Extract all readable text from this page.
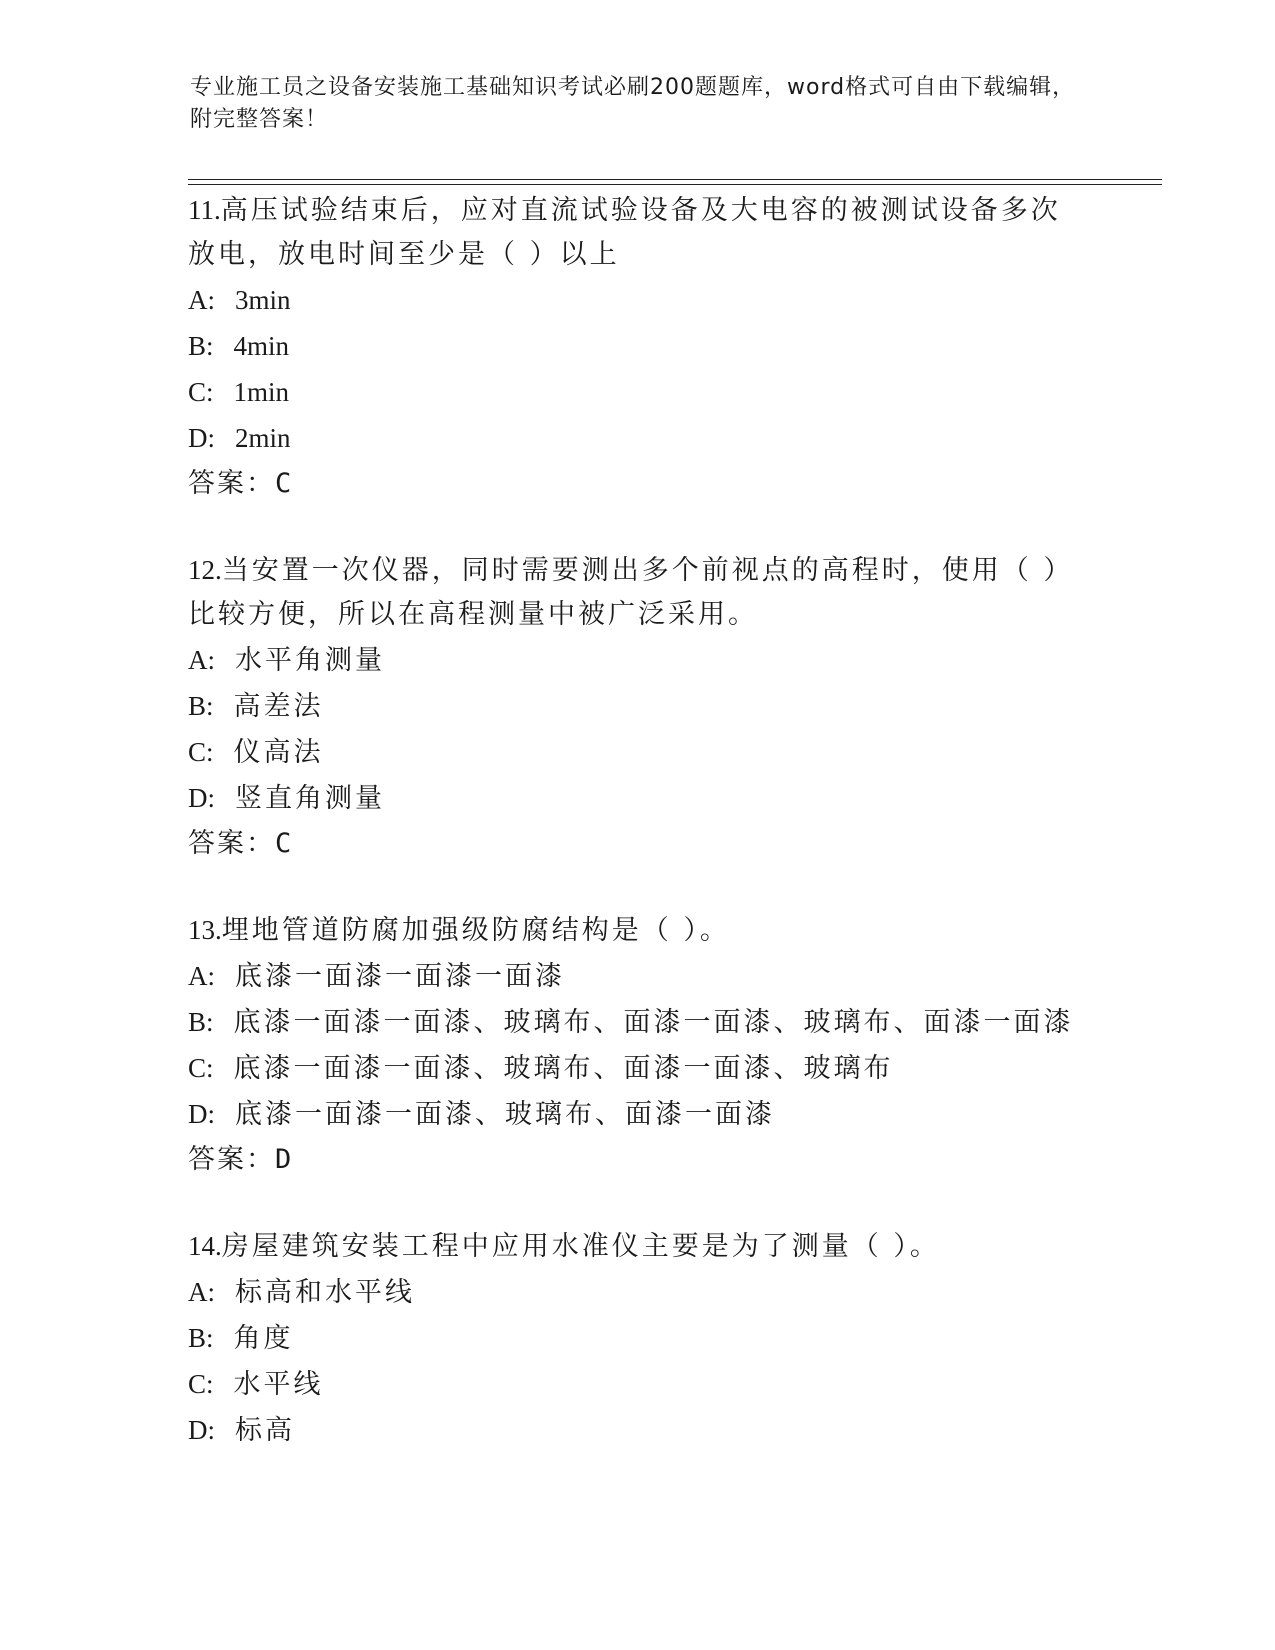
专业施工员之设备安装施工基础知识考试必刷200题题库，word格式可自由下载编辑，附完整答案！

11.高压试验结束后，应对直流试验设备及大电容的被测试设备多次放电，放电时间至少是（ ）以上

A: 3min
B: 4min
C: 1min
D: 2min
答案：C

12.当安置一次仪器，同时需要测出多个前视点的高程时，使用（ ）比较方便，所以在高程测量中被广泛采用。

A: 水平角测量
B: 高差法
C: 仪高法
D: 竖直角测量
答案：C

13.埋地管道防腐加强级防腐结构是（ ）。

A: 底漆一面漆一面漆一面漆
B: 底漆一面漆一面漆、玻璃布、面漆一面漆、玻璃布、面漆一面漆
C: 底漆一面漆一面漆、玻璃布、面漆一面漆、玻璃布
D: 底漆一面漆一面漆、玻璃布、面漆一面漆
答案：D

14.房屋建筑安装工程中应用水准仪主要是为了测量（ ）。

A: 标高和水平线
B: 角度
C: 水平线
D: 标高
